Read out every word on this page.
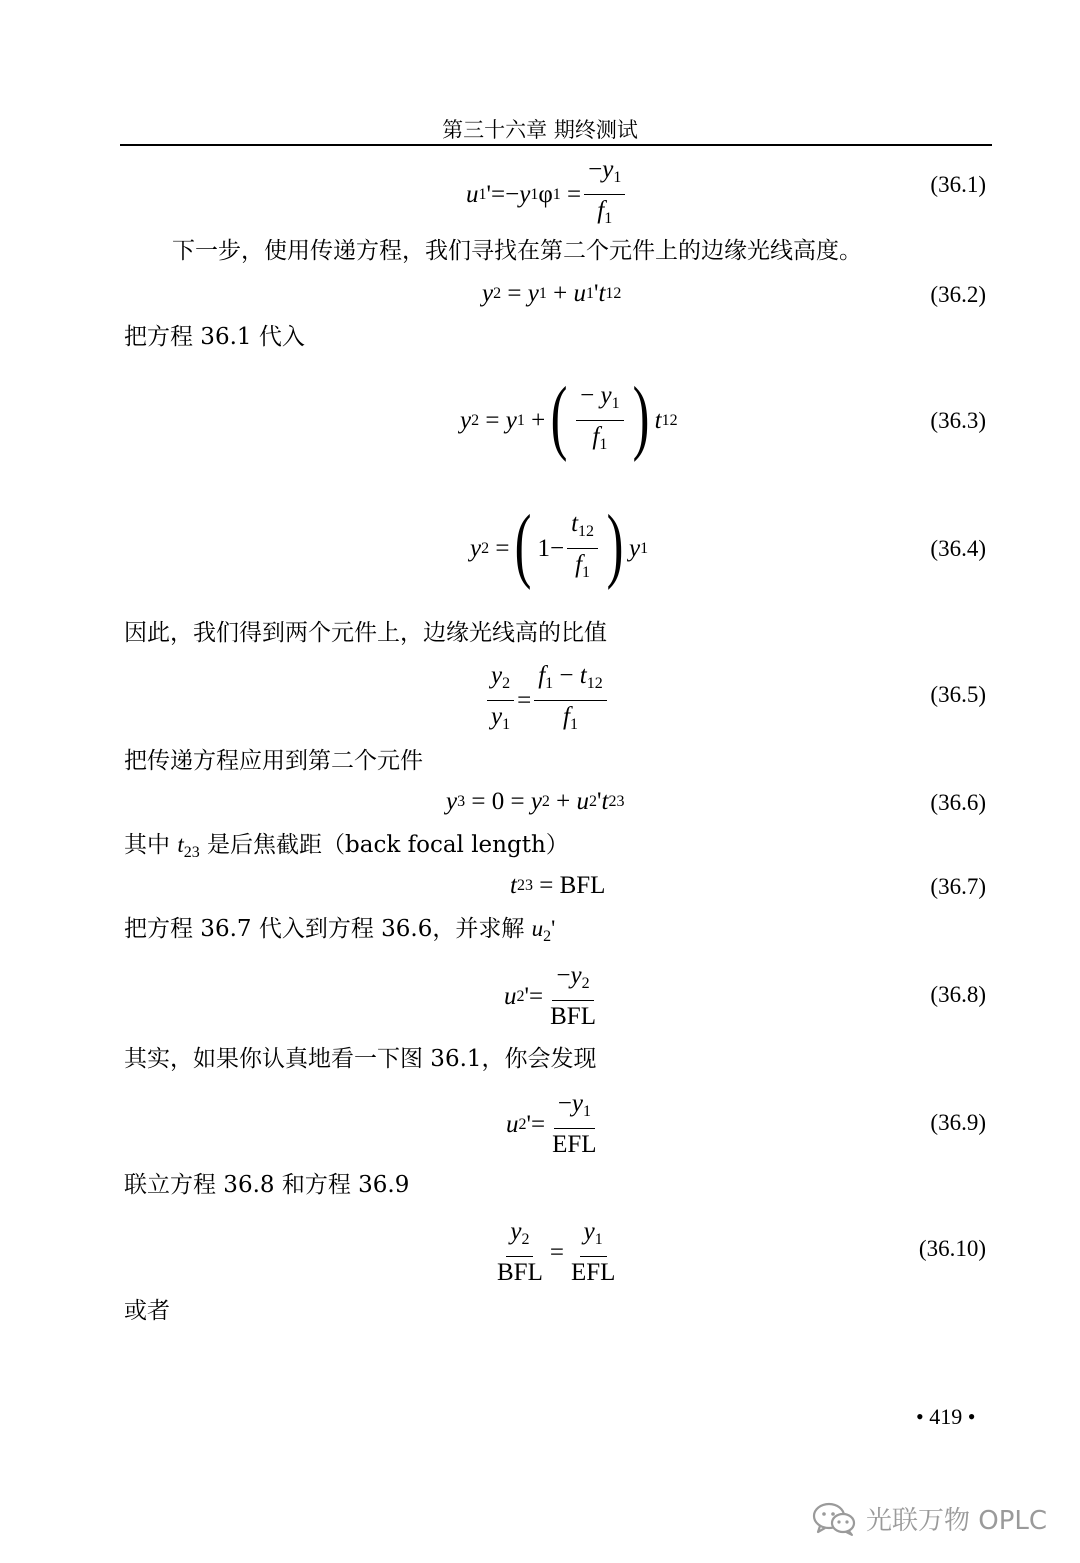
第三十六章 期终测试
u 1 '=− y 1 φ $1 = \frac{-y_1}{f_1}$	(36.1)
下一步，使用传递方程，我们寻找在第二个元件上的边缘光线高度。
y 2 = y 1 + u 1 ' t 12	(36.2)
把方程 36.1 代入
y 2 = y 1 + ( $\frac{- y_1}{f_1}$ ) t 12	(36.3)
y 2 = ( $1- \frac{t_{12}}{f_1}$ ) y 1	(36.4)
因此，我们得到两个元件上，边缘光线高的比值
$\frac{y_2}{y_1} = \frac{f_1 - t_{12}}{f_1}$	(36.5)
把传递方程应用到第二个元件
y 3 = 0 = y 2 + u 2 ' t 23	(36.6)
其中 $t_{23}$ 是后焦截距（back focal length）
t 23 = BFL	(36.7)
把方程 36.7 代入到方程 36.6，并求解 $u_2'$
u 2 '= $\frac{-y_2}{\text{BFL}}$	(36.8)
其实，如果你认真地看一下图 36.1，你会发现
u 2 '= $\frac{-y_1}{\text{EFL}}$	(36.9)
联立方程 36.8 和方程 36.9
$\frac{y_2}{\text{BFL}} = \frac{y_1}{\text{EFL}}$	(36.10)
或者
• 419 •
光联万物 OPLC
